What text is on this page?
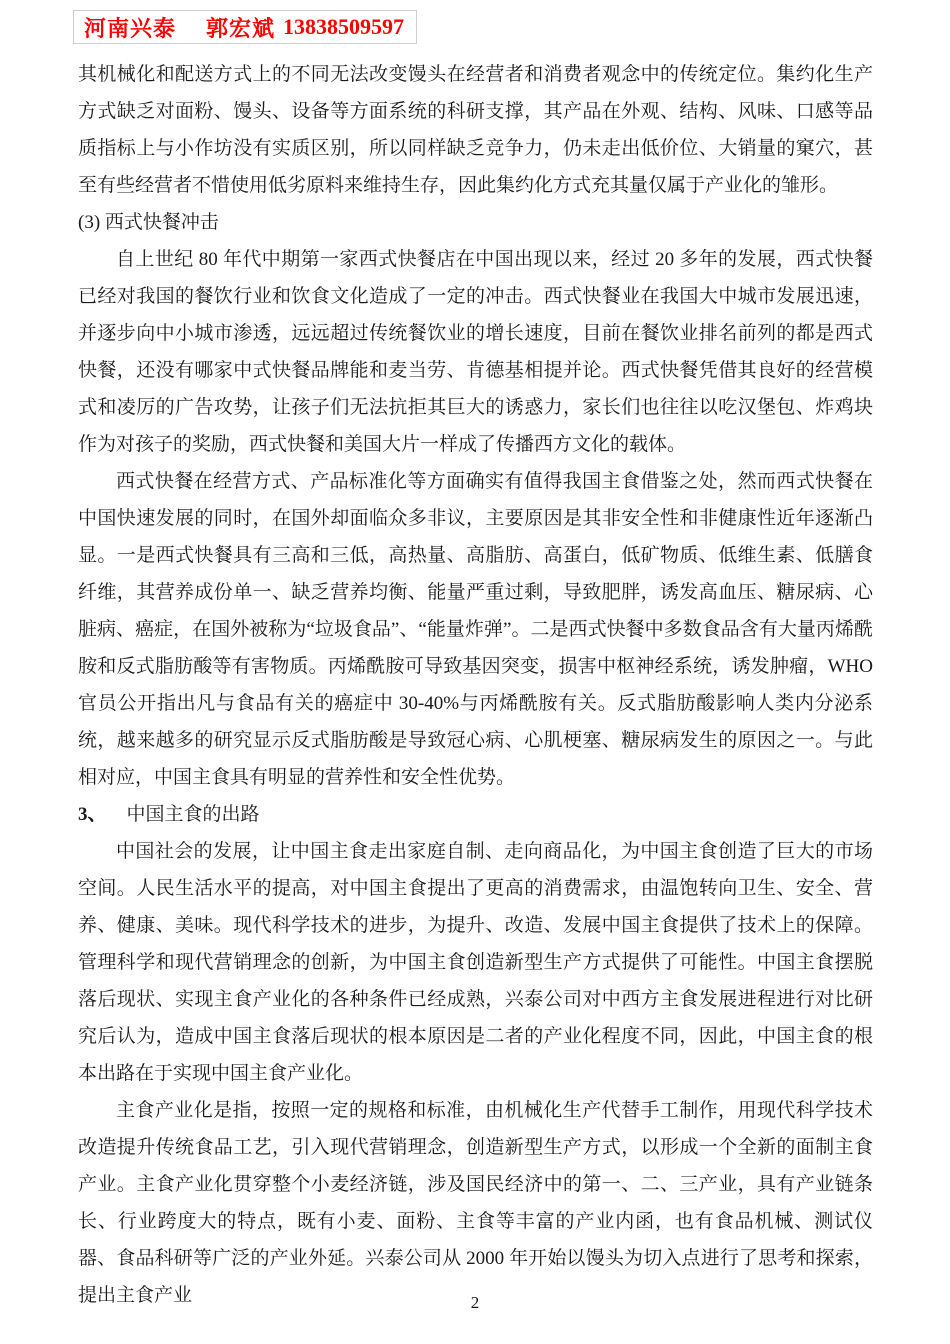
河南兴泰 郭宏斌 13838509597

其机械化和配送方式上的不同无法改变馒头在经营者和消费者观念中的传统定位。集约化生产方式缺乏对面粉、馒头、设备等方面系统的科研支撑，其产品在外观、结构、风味、口感等品质指标上与小作坊没有实质区别，所以同样缺乏竞争力，仍未走出低价位、大销量的窠穴，甚至有些经营者不惜使用低劣原料来维持生存，因此集约化方式充其量仅属于产业化的雏形。

(3) 西式快餐冲击

自上世纪 80 年代中期第一家西式快餐店在中国出现以来，经过 20 多年的发展，西式快餐已经对我国的餐饮行业和饮食文化造成了一定的冲击。西式快餐业在我国大中城市发展迅速，并逐步向中小城市渗透，远远超过传统餐饮业的增长速度，目前在餐饮业排名前列的都是西式快餐，还没有哪家中式快餐品牌能和麦当劳、肯德基相提并论。西式快餐凭借其良好的经营模式和凌厉的广告攻势，让孩子们无法抗拒其巨大的诱惑力，家长们也往往以吃汉堡包、炸鸡块作为对孩子的奖励，西式快餐和美国大片一样成了传播西方文化的载体。

西式快餐在经营方式、产品标准化等方面确实有值得我国主食借鉴之处，然而西式快餐在中国快速发展的同时，在国外却面临众多非议，主要原因是其非安全性和非健康性近年逐渐凸显。一是西式快餐具有三高和三低，高热量、高脂肪、高蛋白，低矿物质、低维生素、低膳食纤维，其营养成份单一、缺乏营养均衡、能量严重过剩，导致肥胖，诱发高血压、糖尿病、心脏病、癌症，在国外被称为“垃圾食品”、“能量炸弹”。二是西式快餐中多数食品含有大量丙烯酰胺和反式脂肪酸等有害物质。丙烯酰胺可导致基因突变，损害中枢神经系统，诱发肿瘤，WHO 官员公开指出凡与食品有关的癌症中 30-40%与丙烯酰胺有关。反式脂肪酸影响人类内分泌系统，越来越多的研究显示反式脂肪酸是导致冠心病、心肌梗塞、糖尿病发生的原因之一。与此相对应，中国主食具有明显的营养性和安全性优势。

3、 中国主食的出路

中国社会的发展，让中国主食走出家庭自制、走向商品化，为中国主食创造了巨大的市场空间。人民生活水平的提高，对中国主食提出了更高的消费需求，由温饱转向卫生、安全、营养、健康、美味。现代科学技术的进步，为提升、改造、发展中国主食提供了技术上的保障。管理科学和现代营销理念的创新，为中国主食创造新型生产方式提供了可能性。中国主食摆脱落后现状、实现主食产业化的各种条件已经成熟，兴泰公司对中西方主食发展进程进行对比研究后认为，造成中国主食落后现状的根本原因是二者的产业化程度不同，因此，中国主食的根本出路在于实现中国主食产业化。

主食产业化是指，按照一定的规格和标准，由机械化生产代替手工制作，用现代科学技术改造提升传统食品工艺，引入现代营销理念，创造新型生产方式，以形成一个全新的面制主食产业。主食产业化贯穿整个小麦经济链，涉及国民经济中的第一、二、三产业，具有产业链条长、行业跨度大的特点，既有小麦、面粉、主食等丰富的产业内函，也有食品机械、测试仪器、食品科研等广泛的产业外延。兴泰公司从 2000 年开始以馒头为切入点进行了思考和探索，提出主食产业	2
